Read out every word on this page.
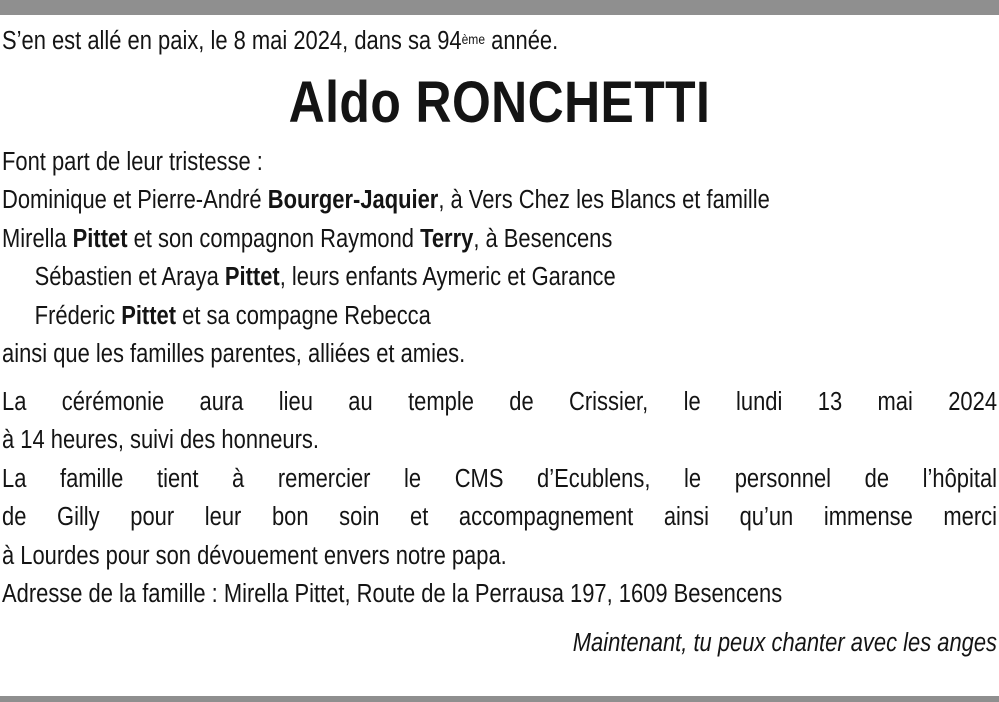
S’en est allé en paix, le 8 mai 2024, dans sa 94ème année.
Aldo RONCHETTI
Font part de leur tristesse :
Dominique et Pierre-André Bourger-Jaquier, à Vers Chez les Blancs et famille
Mirella Pittet et son compagnon Raymond Terry, à Besencens
Sébastien et Araya Pittet, leurs enfants Aymeric et Garance
Fréderic Pittet et sa compagne Rebecca
ainsi que les familles parentes, alliées et amies.
La cérémonie aura lieu au temple de Crissier, le lundi 13 mai 2024
à 14 heures, suivi des honneurs.
La famille tient à remercier le CMS d’Ecublens, le personnel de l’hôpital
de Gilly pour leur bon soin et accompagnement ainsi qu’un immense merci
à Lourdes pour son dévouement envers notre papa.
Adresse de la famille : Mirella Pittet, Route de la Perrausa 197, 1609 Besencens
Maintenant, tu peux chanter avec les anges
